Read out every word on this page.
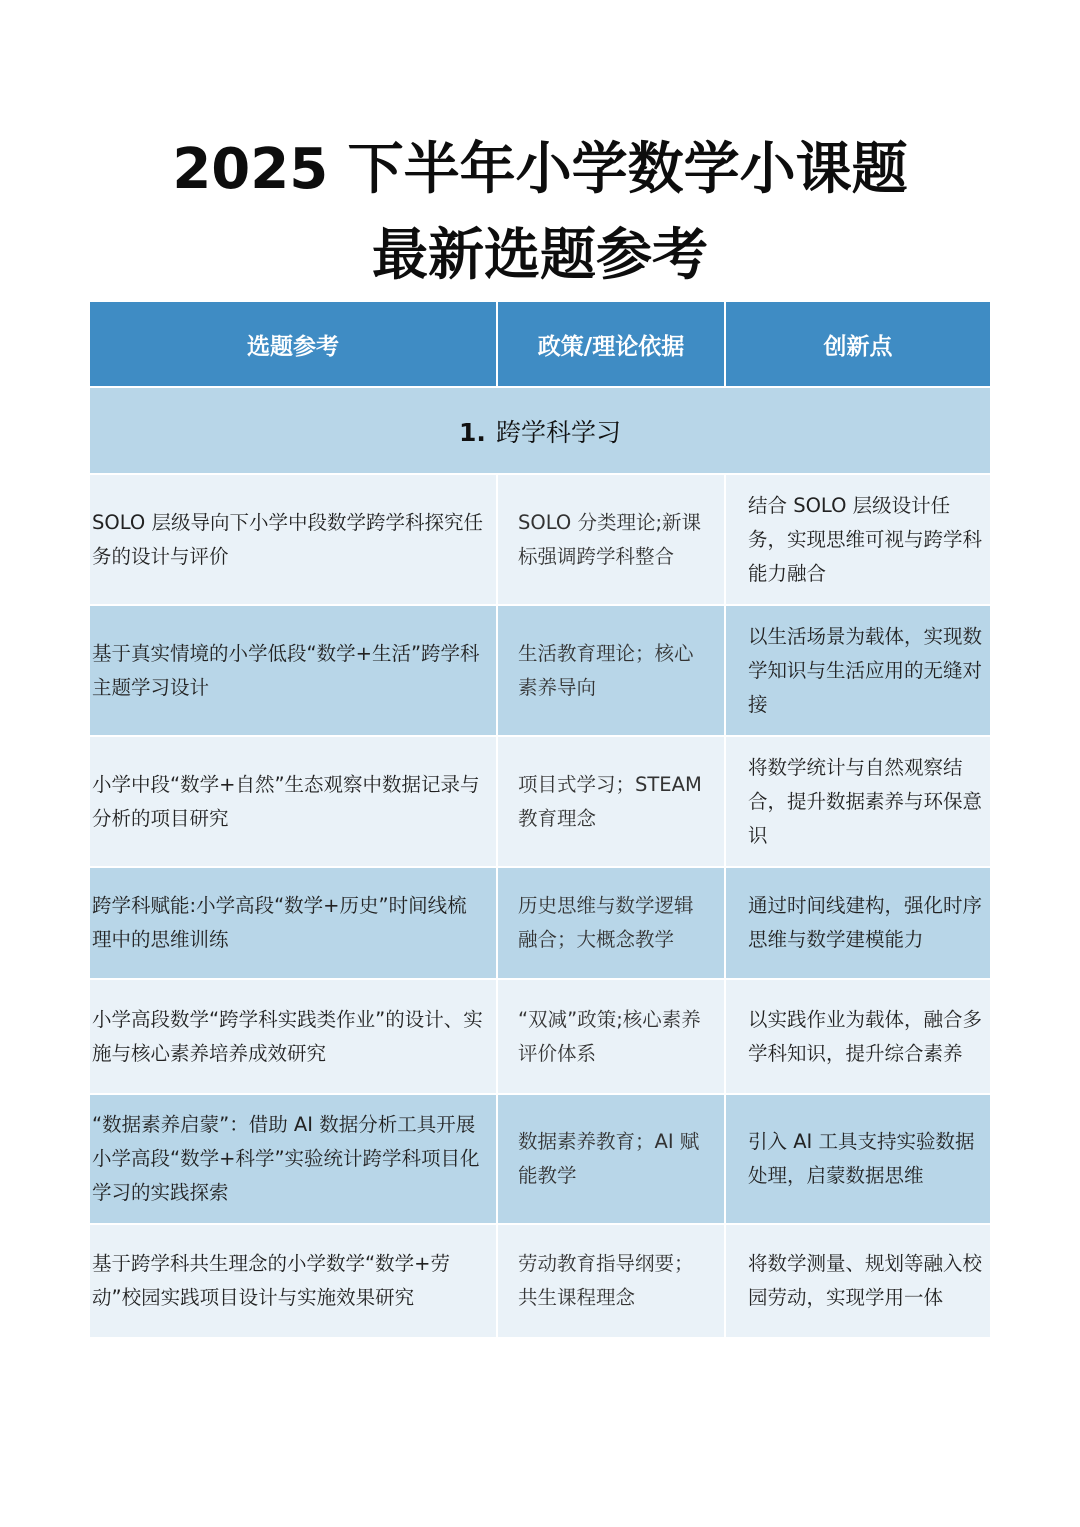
2025 下半年小学数学小课题
最新选题参考
选题参考	政策/理论依据	创新点
1. 跨学科学习		
SOLO 层级导向下小学中段数学跨学科探究任务的设计与评价	SOLO 分类理论;新课标强调跨学科整合	结合 SOLO 层级设计任务，实现思维可视与跨学科能力融合
基于真实情境的小学低段“数学+生活”跨学科主题学习设计	生活教育理论；核心素养导向	以生活场景为载体，实现数学知识与生活应用的无缝对接
小学中段“数学+自然”生态观察中数据记录与分析的项目研究	项目式学习；STEAM 教育理念	将数学统计与自然观察结合，提升数据素养与环保意识
跨学科赋能:小学高段“数学+历史”时间线梳理中的思维训练	历史思维与数学逻辑融合；大概念教学	通过时间线建构，强化时序思维与数学建模能力
小学高段数学“跨学科实践类作业”的设计、实施与核心素养培养成效研究	“双减”政策;核心素养评价体系	以实践作业为载体，融合多学科知识，提升综合素养
“数据素养启蒙”：借助 AI 数据分析工具开展小学高段“数学+科学”实验统计跨学科项目化学习的实践探索	数据素养教育；AI 赋能教学	引入 AI 工具支持实验数据处理，启蒙数据思维
基于跨学科共生理念的小学数学“数学+劳动”校园实践项目设计与实施效果研究	劳动教育指导纲要；共生课程理念	将数学测量、规划等融入校园劳动，实现学用一体
